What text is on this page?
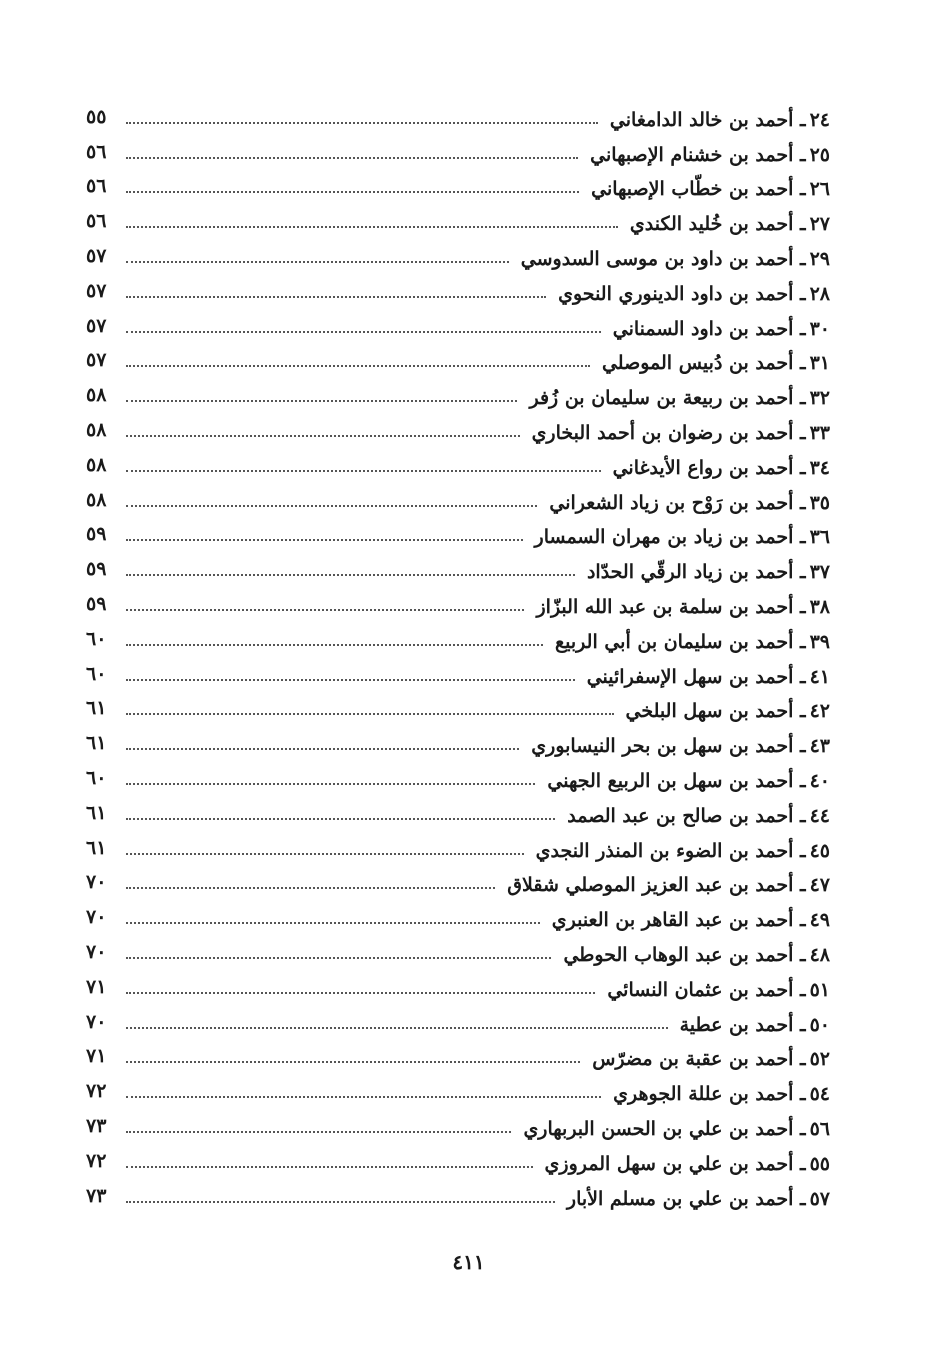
٥٥	٢٤ـ أحمد بن خالد الدامغاني
٥٦	٢٥ـ أحمد بن خشنام الإصبهاني
٥٦	٢٦ـ أحمد بن خطّاب الإصبهاني
٥٦	٢٧ـ أحمد بن خُليد الكندي
٥٧	٢٩ـ أحمد بن داود بن موسى السدوسي
٥٧	٢٨ـ أحمد بن داود الدينوري النحوي
٥٧	٣٠ـ أحمد بن داود السمناني
٥٧	٣١ـ أحمد بن دُبيس الموصلي
٥٨	٣٢ـ أحمد بن ربيعة بن سليمان بن زُفر
٥٨	٣٣ـ أحمد بن رضوان بن أحمد البخاري
٥٨	٣٤ـ أحمد بن رواع الأيدغاني
٥٨	٣٥ـ أحمد بن رَوْح بن زياد الشعراني
٥٩	٣٦ـ أحمد بن زياد بن مهران السمسار
٥٩	٣٧ـ أحمد بن زياد الرقّي الحدّاد
٥٩	٣٨ـ أحمد بن سلمة بن عبد الله البزّاز
٦٠	٣٩ـ أحمد بن سليمان بن أبي الربيع
٦٠	٤١ـ أحمد بن سهل الإسفرائيني
٦١	٤٢ـ أحمد بن سهل البلخي
٦١	٤٣ـ أحمد بن سهل بن بحر النيسابوري
٦٠	٤٠ـ أحمد بن سهل بن الربيع الجهني
٦١	٤٤ـ أحمد بن صالح بن عبد الصمد
٦١	٤٥ـ أحمد بن الضوء بن المنذر النجدي
٧٠	٤٧ـ أحمد بن عبد العزيز الموصلي شقلاق
٧٠	٤٩ـ أحمد بن عبد القاهر بن العنبري
٧٠	٤٨ـ أحمد بن عبد الوهاب الحوطي
٧١	٥١ـ أحمد بن عثمان النسائي
٧٠	٥٠ـ أحمد بن عطية
٧١	٥٢ـ أحمد بن عقبة بن مضرّس
٧٢	٥٤ـ أحمد بن عللة الجوهري
٧٣	٥٦ـ أحمد بن علي بن الحسن البربهاري
٧٢	٥٥ـ أحمد بن علي بن سهل المروزي
٧٣	٥٧ـ أحمد بن علي بن مسلم الأبار
٤١١
